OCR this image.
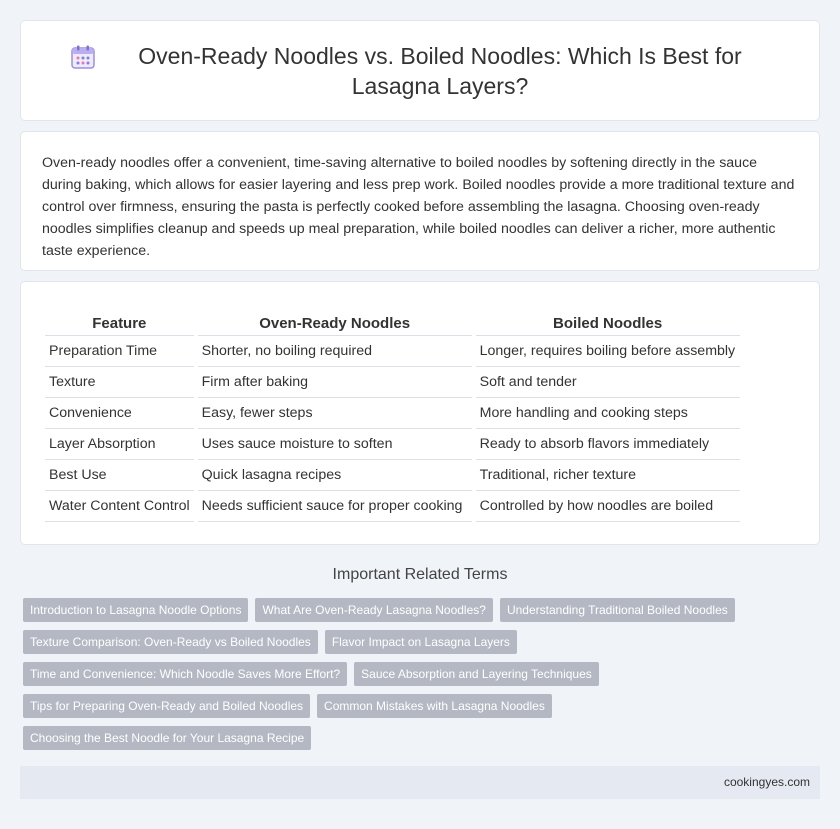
Oven-Ready Noodles vs. Boiled Noodles: Which Is Best for Lasagna Layers?

Oven-ready noodles offer a convenient, time-saving alternative to boiled noodles by softening directly in the sauce during baking, which allows for easier layering and less prep work. Boiled noodles provide a more traditional texture and control over firmness, ensuring the pasta is perfectly cooked before assembling the lasagna. Choosing oven-ready noodles simplifies cleanup and speeds up meal preparation, while boiled noodles can deliver a richer, more authentic taste experience.

Feature	Oven-Ready Noodles	Boiled Noodles
Preparation Time	Shorter, no boiling required	Longer, requires boiling before assembly
Texture	Firm after baking	Soft and tender
Convenience	Easy, fewer steps	More handling and cooking steps
Layer Absorption	Uses sauce moisture to soften	Ready to absorb flavors immediately
Best Use	Quick lasagna recipes	Traditional, richer texture
Water Content Control	Needs sufficient sauce for proper cooking	Controlled by how noodles are boiled
Important Related Terms
Introduction to Lasagna Noodle Options	What Are Oven-Ready Lasagna Noodles?	Understanding Traditional Boiled Noodles
Texture Comparison: Oven-Ready vs Boiled Noodles	Flavor Impact on Lasagna Layers
Time and Convenience: Which Noodle Saves More Effort?	Sauce Absorption and Layering Techniques
Tips for Preparing Oven-Ready and Boiled Noodles	Common Mistakes with Lasagna Noodles
Choosing the Best Noodle for Your Lasagna Recipe
cookingyes.com
